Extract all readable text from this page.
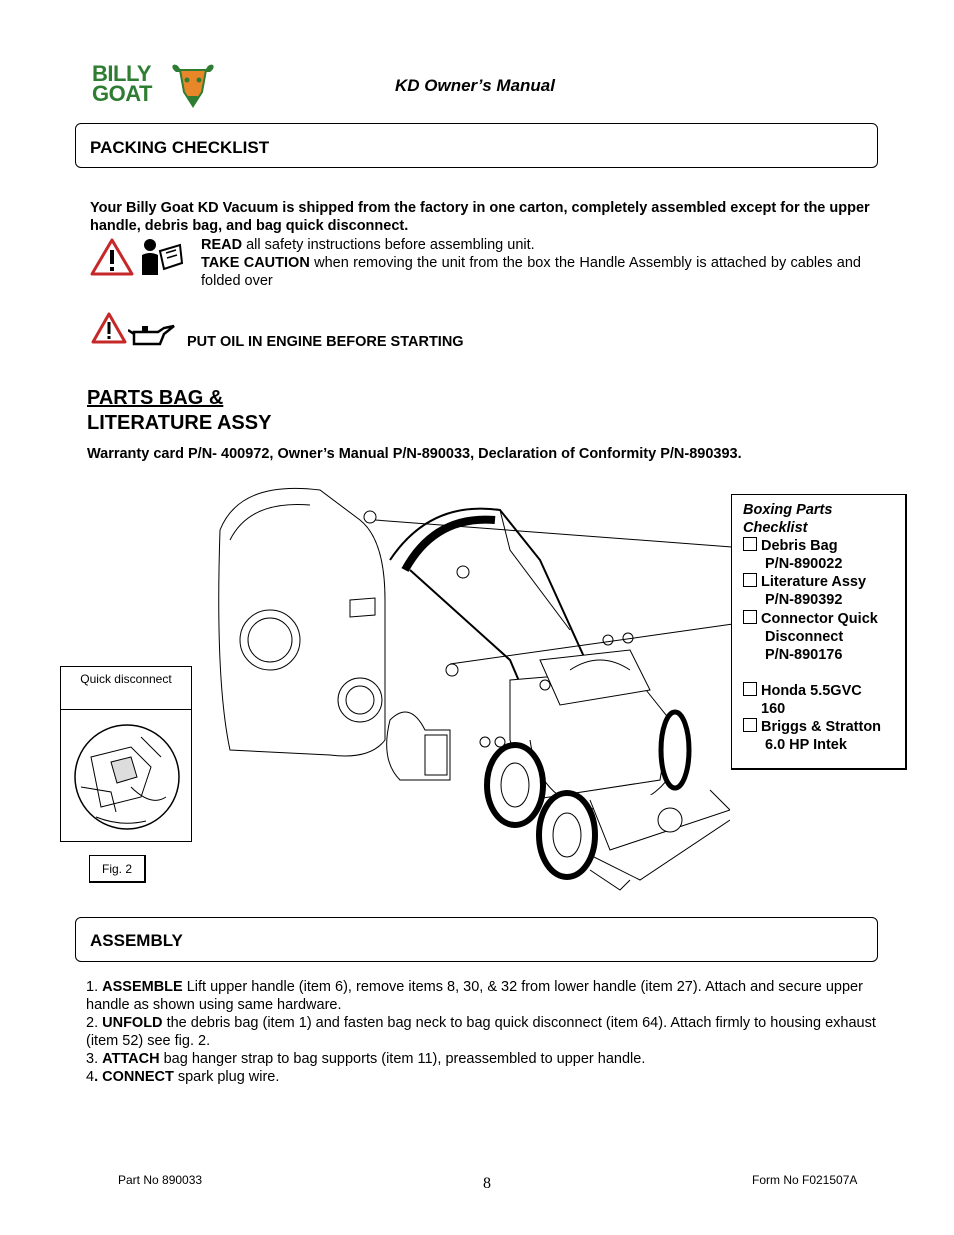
BILLY
GOAT	KD Owner’s Manual
PACKING CHECKLIST
Your Billy Goat KD Vacuum is shipped from the factory in one carton, completely assembled except for the upper handle, debris bag, and bag quick disconnect.
READ all safety instructions before assembling unit.
TAKE CAUTION when removing the unit from the box the Handle Assembly is attached by cables and folded over
PUT OIL IN ENGINE BEFORE STARTING
PARTS BAG &
LITERATURE ASSY
Warranty card P/N- 400972, Owner’s Manual P/N-890033, Declaration of Conformity P/N-890393.
Quick disconnect
Fig. 2
Boxing Parts
Checklist
Debris Bag
P/N-890022
Literature Assy
P/N-890392
Connector Quick
Disconnect
P/N-890176
Honda 5.5GVC
160
Briggs & Stratton
6.0 HP Intek
ASSEMBLY
1. ASSEMBLE Lift upper handle (item 6), remove items 8, 30, & 32 from lower handle (item 27). Attach and secure upper handle as shown using same hardware.
2. UNFOLD the debris bag (item 1) and fasten bag neck to bag quick disconnect (item 64). Attach firmly to housing exhaust (item 52) see fig. 2.
3. ATTACH bag hanger strap to bag supports (item 11), preassembled to upper handle.
4. CONNECT spark plug wire.
Part No 890033	8	Form No F021507A
